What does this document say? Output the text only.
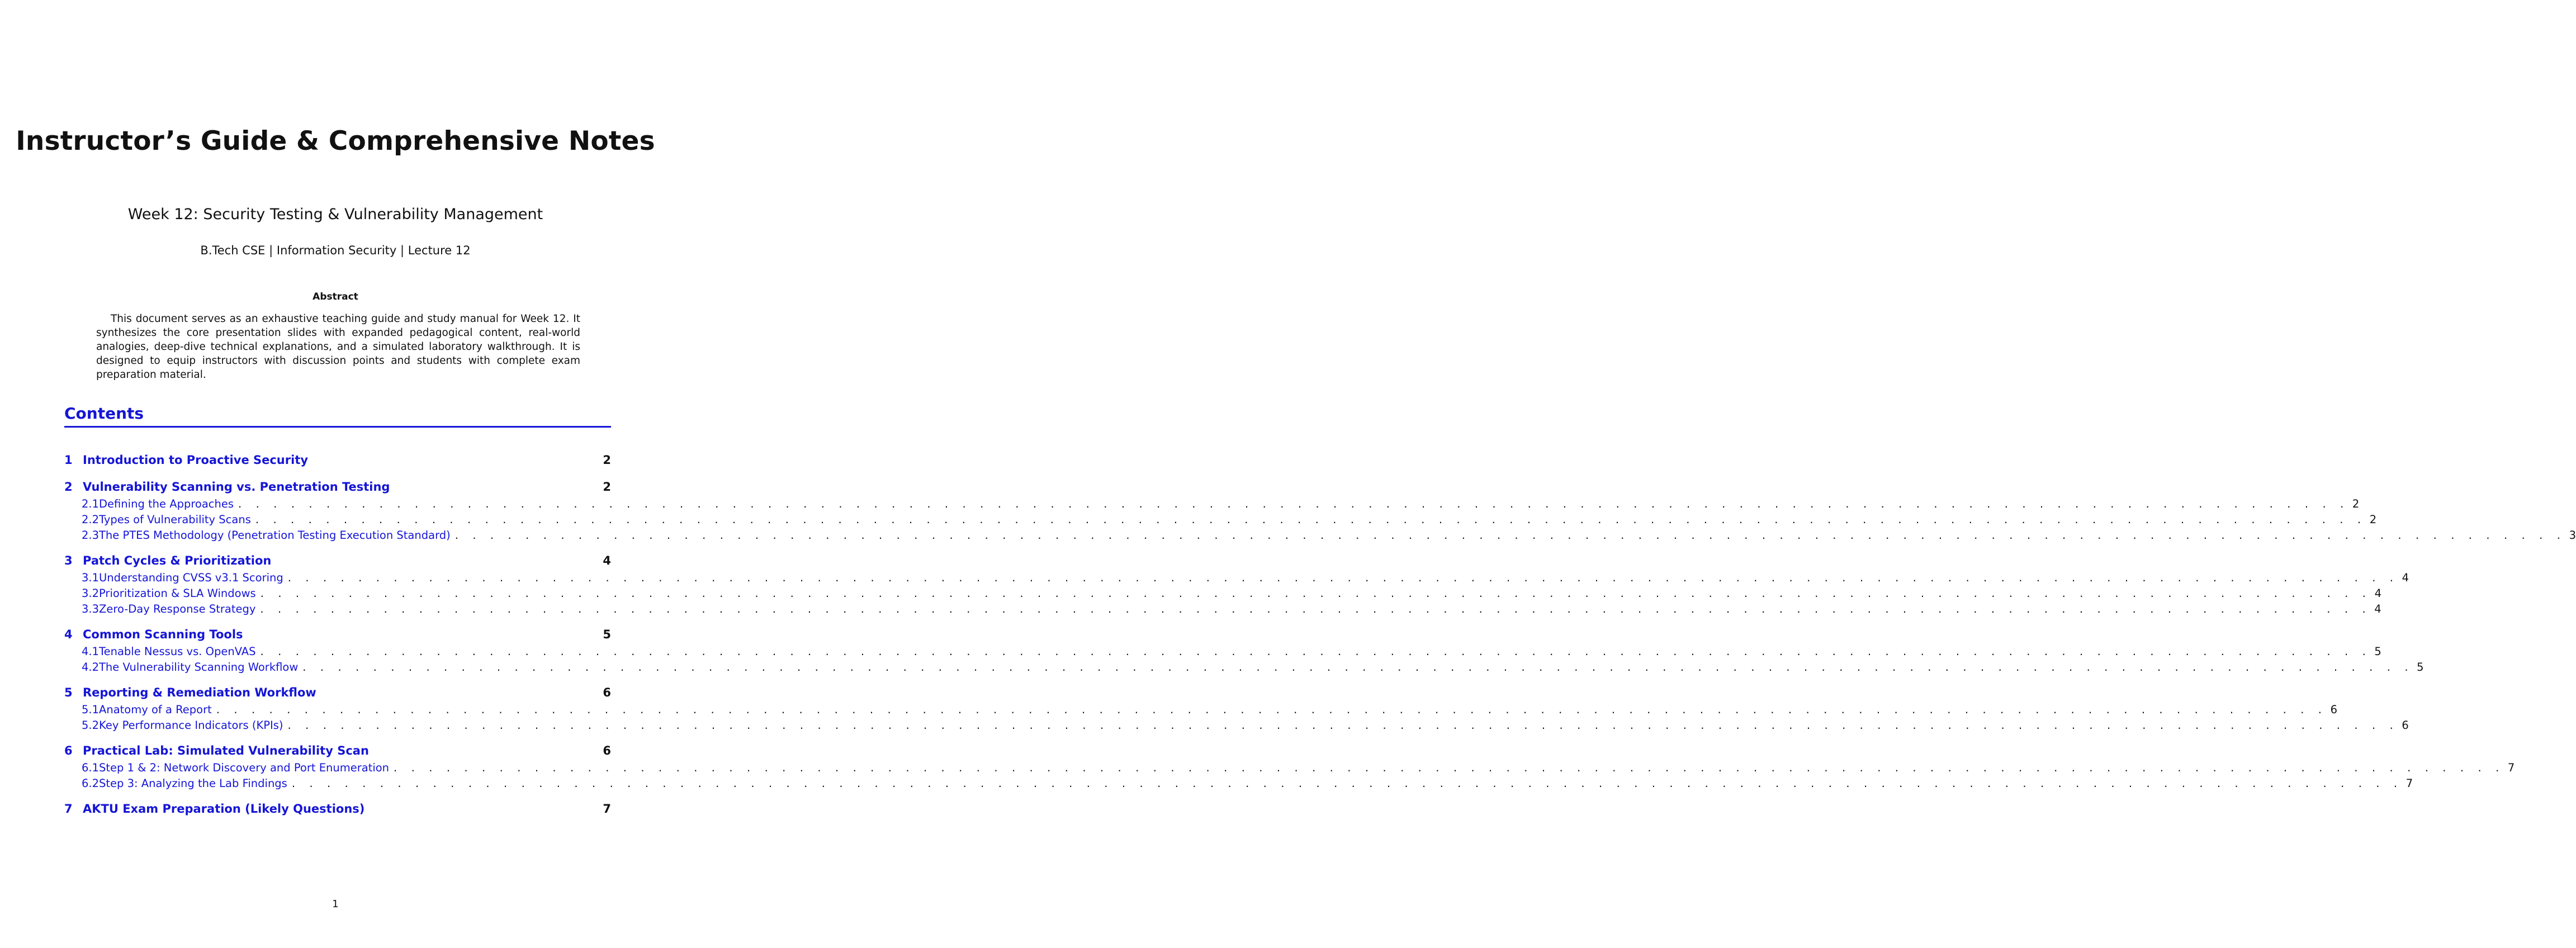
Instructor’s Guide & Comprehensive Notes
Week 12: Security Testing & Vulnerability Management
B.Tech CSE | Information Security | Lecture 12
Abstract
This document serves as an exhaustive teaching guide and study manual for Week 12. It synthesizes the core presentation slides with expanded pedagogical content, real-world analogies, deep-dive technical explanations, and a simulated laboratory walkthrough. It is designed to equip instructors with discussion points and students with complete exam preparation material.
Contents
1 Introduction to Proactive Security	2
2 Vulnerability Scanning vs. Penetration Testing	2
2.1 Defining the Approaches . . . . . . . . . . . . . . . . . . . . . . . . . . . . . . . . . . . . . . . . . . . . . . . . . . . . . . . . . . . . . . . . . . . . . . . . . . . . . . . . . . . . . . . . . . . . . . . . . . . . . . . . . . . . . . . . . . . . . . . . 2
2.2 Types of Vulnerability Scans . . . . . . . . . . . . . . . . . . . . . . . . . . . . . . . . . . . . . . . . . . . . . . . . . . . . . . . . . . . . . . . . . . . . . . . . . . . . . . . . . . . . . . . . . . . . . . . . . . . . . . . . . . . . . . . . . . . . . . . . 2
2.3 The PTES Methodology (Penetration Testing Execution Standard) . . . . . . . . . . . . . . . . . . . . . . . . . . . . . . . . . . . . . . . . . . . . . . . . . . . . . . . . . . . . . . . . . . . . . . . . . . . . . . . . . . . . . . . . . . . . . . . . . . . . . . . . . . . . . . . . . . . . . . . . 3
3 Patch Cycles & Prioritization	4
3.1 Understanding CVSS v3.1 Scoring . . . . . . . . . . . . . . . . . . . . . . . . . . . . . . . . . . . . . . . . . . . . . . . . . . . . . . . . . . . . . . . . . . . . . . . . . . . . . . . . . . . . . . . . . . . . . . . . . . . . . . . . . . . . . . . . . . . . . . . . 4
3.2 Prioritization & SLA Windows . . . . . . . . . . . . . . . . . . . . . . . . . . . . . . . . . . . . . . . . . . . . . . . . . . . . . . . . . . . . . . . . . . . . . . . . . . . . . . . . . . . . . . . . . . . . . . . . . . . . . . . . . . . . . . . . . . . . . . . . 4
3.3 Zero-Day Response Strategy . . . . . . . . . . . . . . . . . . . . . . . . . . . . . . . . . . . . . . . . . . . . . . . . . . . . . . . . . . . . . . . . . . . . . . . . . . . . . . . . . . . . . . . . . . . . . . . . . . . . . . . . . . . . . . . . . . . . . . . . 4
4 Common Scanning Tools	5
4.1 Tenable Nessus vs. OpenVAS . . . . . . . . . . . . . . . . . . . . . . . . . . . . . . . . . . . . . . . . . . . . . . . . . . . . . . . . . . . . . . . . . . . . . . . . . . . . . . . . . . . . . . . . . . . . . . . . . . . . . . . . . . . . . . . . . . . . . . . . 5
4.2 The Vulnerability Scanning Workflow . . . . . . . . . . . . . . . . . . . . . . . . . . . . . . . . . . . . . . . . . . . . . . . . . . . . . . . . . . . . . . . . . . . . . . . . . . . . . . . . . . . . . . . . . . . . . . . . . . . . . . . . . . . . . . . . . . . . . . . . 5
5 Reporting & Remediation Workflow	6
5.1 Anatomy of a Report . . . . . . . . . . . . . . . . . . . . . . . . . . . . . . . . . . . . . . . . . . . . . . . . . . . . . . . . . . . . . . . . . . . . . . . . . . . . . . . . . . . . . . . . . . . . . . . . . . . . . . . . . . . . . . . . . . . . . . . . 6
5.2 Key Performance Indicators (KPIs) . . . . . . . . . . . . . . . . . . . . . . . . . . . . . . . . . . . . . . . . . . . . . . . . . . . . . . . . . . . . . . . . . . . . . . . . . . . . . . . . . . . . . . . . . . . . . . . . . . . . . . . . . . . . . . . . . . . . . . . . 6
6 Practical Lab: Simulated Vulnerability Scan	6
6.1 Step 1 & 2: Network Discovery and Port Enumeration . . . . . . . . . . . . . . . . . . . . . . . . . . . . . . . . . . . . . . . . . . . . . . . . . . . . . . . . . . . . . . . . . . . . . . . . . . . . . . . . . . . . . . . . . . . . . . . . . . . . . . . . . . . . . . . . . . . . . . . . 7
6.2 Step 3: Analyzing the Lab Findings . . . . . . . . . . . . . . . . . . . . . . . . . . . . . . . . . . . . . . . . . . . . . . . . . . . . . . . . . . . . . . . . . . . . . . . . . . . . . . . . . . . . . . . . . . . . . . . . . . . . . . . . . . . . . . . . . . . . . . . . 7
7 AKTU Exam Preparation (Likely Questions)	7
1
